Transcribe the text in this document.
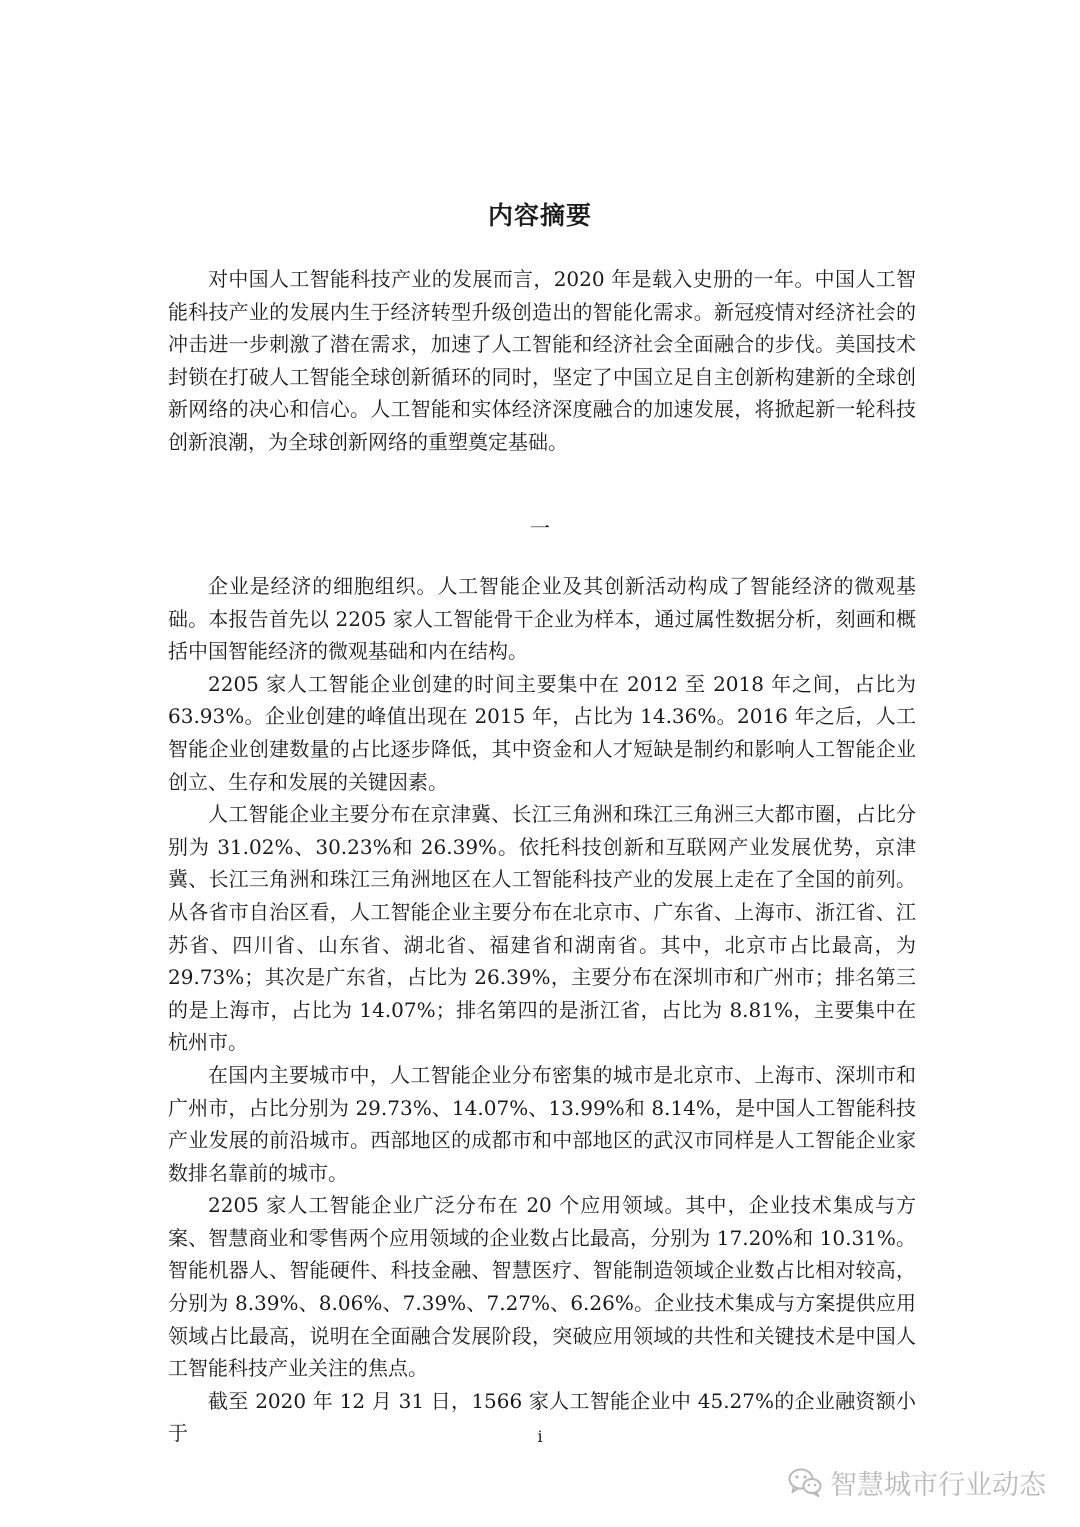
内容摘要

对中国人工智能科技产业的发展而言，2020 年是载入史册的一年。中国人工智能科技产业的发展内生于经济转型升级创造出的智能化需求。新冠疫情对经济社会的冲击进一步刺激了潜在需求，加速了人工智能和经济社会全面融合的步伐。美国技术封锁在打破人工智能全球创新循环的同时，坚定了中国立足自主创新构建新的全球创新网络的决心和信心。人工智能和实体经济深度融合的加速发展，将掀起新一轮科技创新浪潮，为全球创新网络的重塑奠定基础。

一

企业是经济的细胞组织。人工智能企业及其创新活动构成了智能经济的微观基础。本报告首先以 2205 家人工智能骨干企业为样本，通过属性数据分析，刻画和概括中国智能经济的微观基础和内在结构。

2205 家人工智能企业创建的时间主要集中在 2012 至 2018 年之间，占比为 63.93%。企业创建的峰值出现在 2015 年，占比为 14.36%。2016 年之后，人工智能企业创建数量的占比逐步降低，其中资金和人才短缺是制约和影响人工智能企业创立、生存和发展的关键因素。

人工智能企业主要分布在京津冀、长江三角洲和珠江三角洲三大都市圈，占比分别为 31.02%、30.23%和 26.39%。依托科技创新和互联网产业发展优势，京津冀、长江三角洲和珠江三角洲地区在人工智能科技产业的发展上走在了全国的前列。从各省市自治区看，人工智能企业主要分布在北京市、广东省、上海市、浙江省、江苏省、四川省、山东省、湖北省、福建省和湖南省。其中，北京市占比最高，为 29.73%；其次是广东省，占比为 26.39%，主要分布在深圳市和广州市；排名第三的是上海市，占比为 14.07%；排名第四的是浙江省，占比为 8.81%，主要集中在杭州市。

在国内主要城市中，人工智能企业分布密集的城市是北京市、上海市、深圳市和广州市，占比分别为 29.73%、14.07%、13.99%和 8.14%，是中国人工智能科技产业发展的前沿城市。西部地区的成都市和中部地区的武汉市同样是人工智能企业家数排名靠前的城市。

2205 家人工智能企业广泛分布在 20 个应用领域。其中，企业技术集成与方案、智慧商业和零售两个应用领域的企业数占比最高，分别为 17.20%和 10.31%。智能机器人、智能硬件、科技金融、智慧医疗、智能制造领域企业数占比相对较高，分别为 8.39%、8.06%、7.39%、7.27%、6.26%。企业技术集成与方案提供应用领域占比最高，说明在全面融合发展阶段，突破应用领域的共性和关键技术是中国人工智能科技产业关注的焦点。

截至 2020 年 12 月 31 日，1566 家人工智能企业中 45.27%的企业融资额小于	i
智慧城市行业动态
